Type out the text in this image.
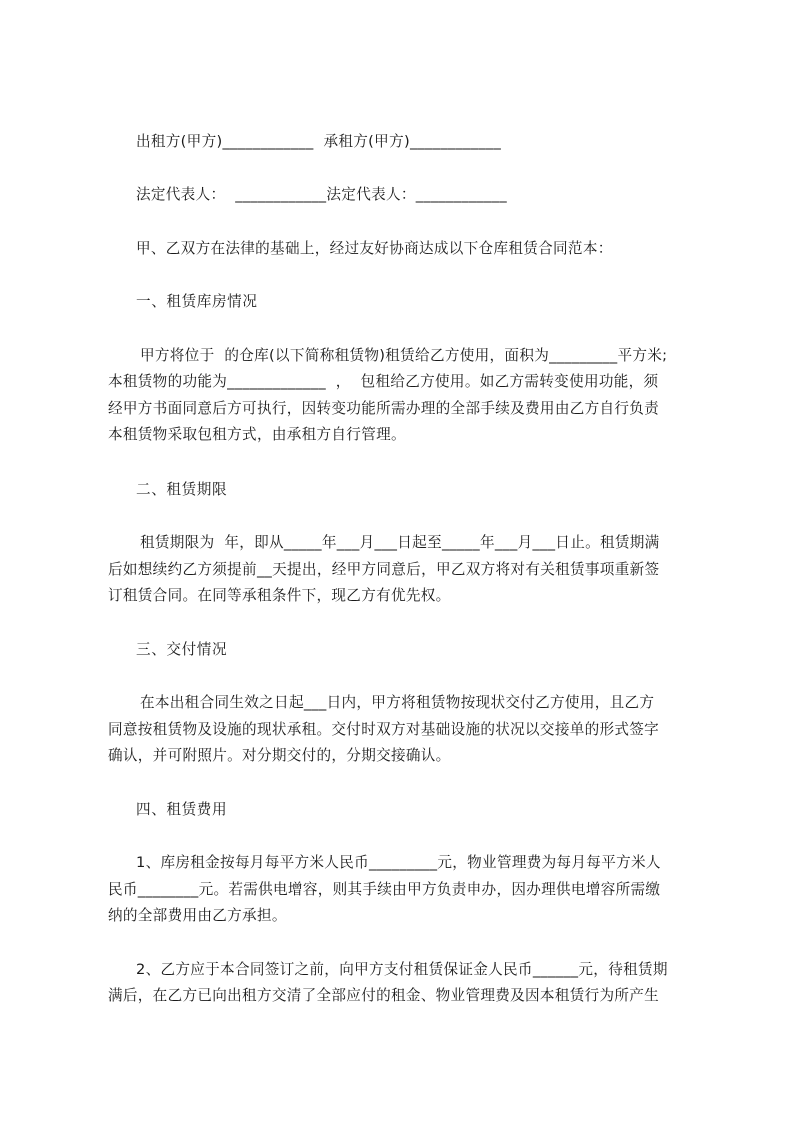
出租方(甲方)____________  承租方(甲方)____________
法定代表人：  ____________法定代表人：____________
甲、乙双方在法律的基础上，经过友好协商达成以下仓库租赁合同范本：
一、租赁库房情况
甲方将位于  的仓库(以下简称租赁物)租赁给乙方使用，面积为_________平方米;
本租赁物的功能为_____________  ，  包租给乙方使用。如乙方需转变使用功能，须
经甲方书面同意后方可执行，因转变功能所需办理的全部手续及费用由乙方自行负责
本租赁物采取包租方式，由承租方自行管理。
二、租赁期限
租赁期限为  年，即从_____年___月___日起至_____年___月___日止。租赁期满
后如想续约乙方须提前__天提出，经甲方同意后，甲乙双方将对有关租赁事项重新签
订租赁合同。在同等承租条件下，现乙方有优先权。
三、交付情况
在本出租合同生效之日起___日内，甲方将租赁物按现状交付乙方使用，且乙方
同意按租赁物及设施的现状承租。交付时双方对基础设施的状况以交接单的形式签字
确认，并可附照片。对分期交付的，分期交接确认。
四、租赁费用
1、库房租金按每月每平方米人民币_________元，物业管理费为每月每平方米人
民币________元。若需供电增容，则其手续由甲方负责申办，因办理供电增容所需缴
纳的全部费用由乙方承担。
2、乙方应于本合同签订之前，向甲方支付租赁保证金人民币______元，待租赁期
满后，在乙方已向出租方交清了全部应付的租金、物业管理费及因本租赁行为所产生
